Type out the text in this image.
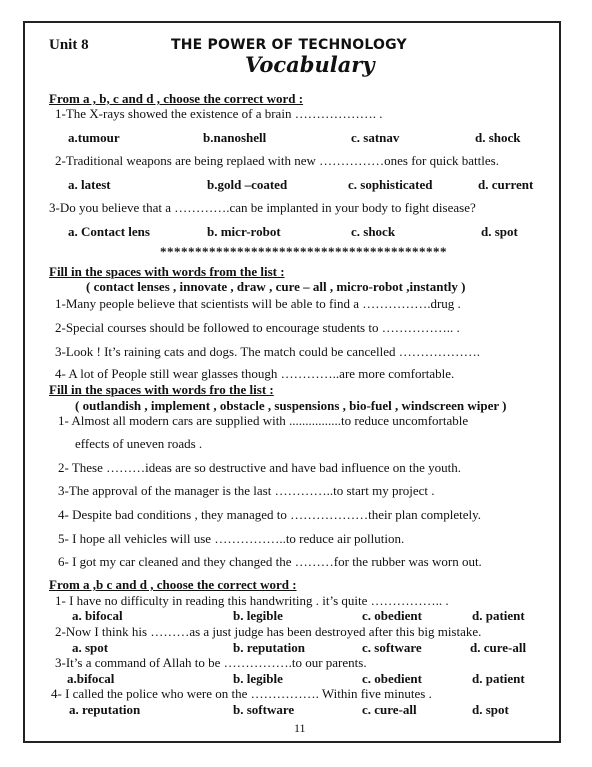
Unit 8	THE POWER OF TECHNOLOGY
Vocabulary
From a , b, c and d , choose the correct word :
1-The X-rays showed the existence of a brain ………………. .
a.tumour	b.nanoshell	c. satnav	d. shock
2-Traditional weapons are being replaed with new ……………ones for quick battles.
a. latest	b.gold –coated	c. sophisticated	d. current
3-Do you believe that a ………….can be implanted in your body to fight disease?
a. Contact lens	b. micr-robot	c. shock	d. spot
*****************************************
Fill in the spaces with words from the list :
( contact lenses , innovate , draw , cure – all , micro-robot ,instantly )
1-Many people believe that scientists will be able to find a …………….drug .
2-Special courses should be followed to encourage students to …………….. .
3-Look ! It’s raining cats and dogs. The match could be cancelled ……………….
4- A lot of People still wear glasses though …………..are more comfortable.
Fill in the spaces with words fro the list :
( outlandish , implement , obstacle , suspensions , bio-fuel , windscreen wiper )
1- Almost all modern cars are supplied with ................to reduce uncomfortable
effects of uneven roads .
2- These ………ideas are so destructive and have bad influence on the youth.
3-The approval of the manager is the last …………..to start my project .
4- Despite bad conditions , they managed to ………………their plan completely.
5- I hope all vehicles will use ……………..to reduce air pollution.
6- I got my car cleaned and they changed the ………for the rubber was worn out.
From a ,b c and d , choose the correct word :
1- I have no difficulty in reading this handwriting . it’s quite …………….. .
a. bifocal	b. legible	c. obedient	d. patient
2-Now I think his ………as a just judge has been destroyed after this big mistake.
a. spot	b. reputation	c. software	d. cure-all
3-It’s a command of Allah to be …………….to our parents.
a.bifocal	b. legible	c. obedient	d. patient
4- I called the police who were on the ……………. Within five minutes .
a. reputation	b. software	c. cure-all	d. spot
11
